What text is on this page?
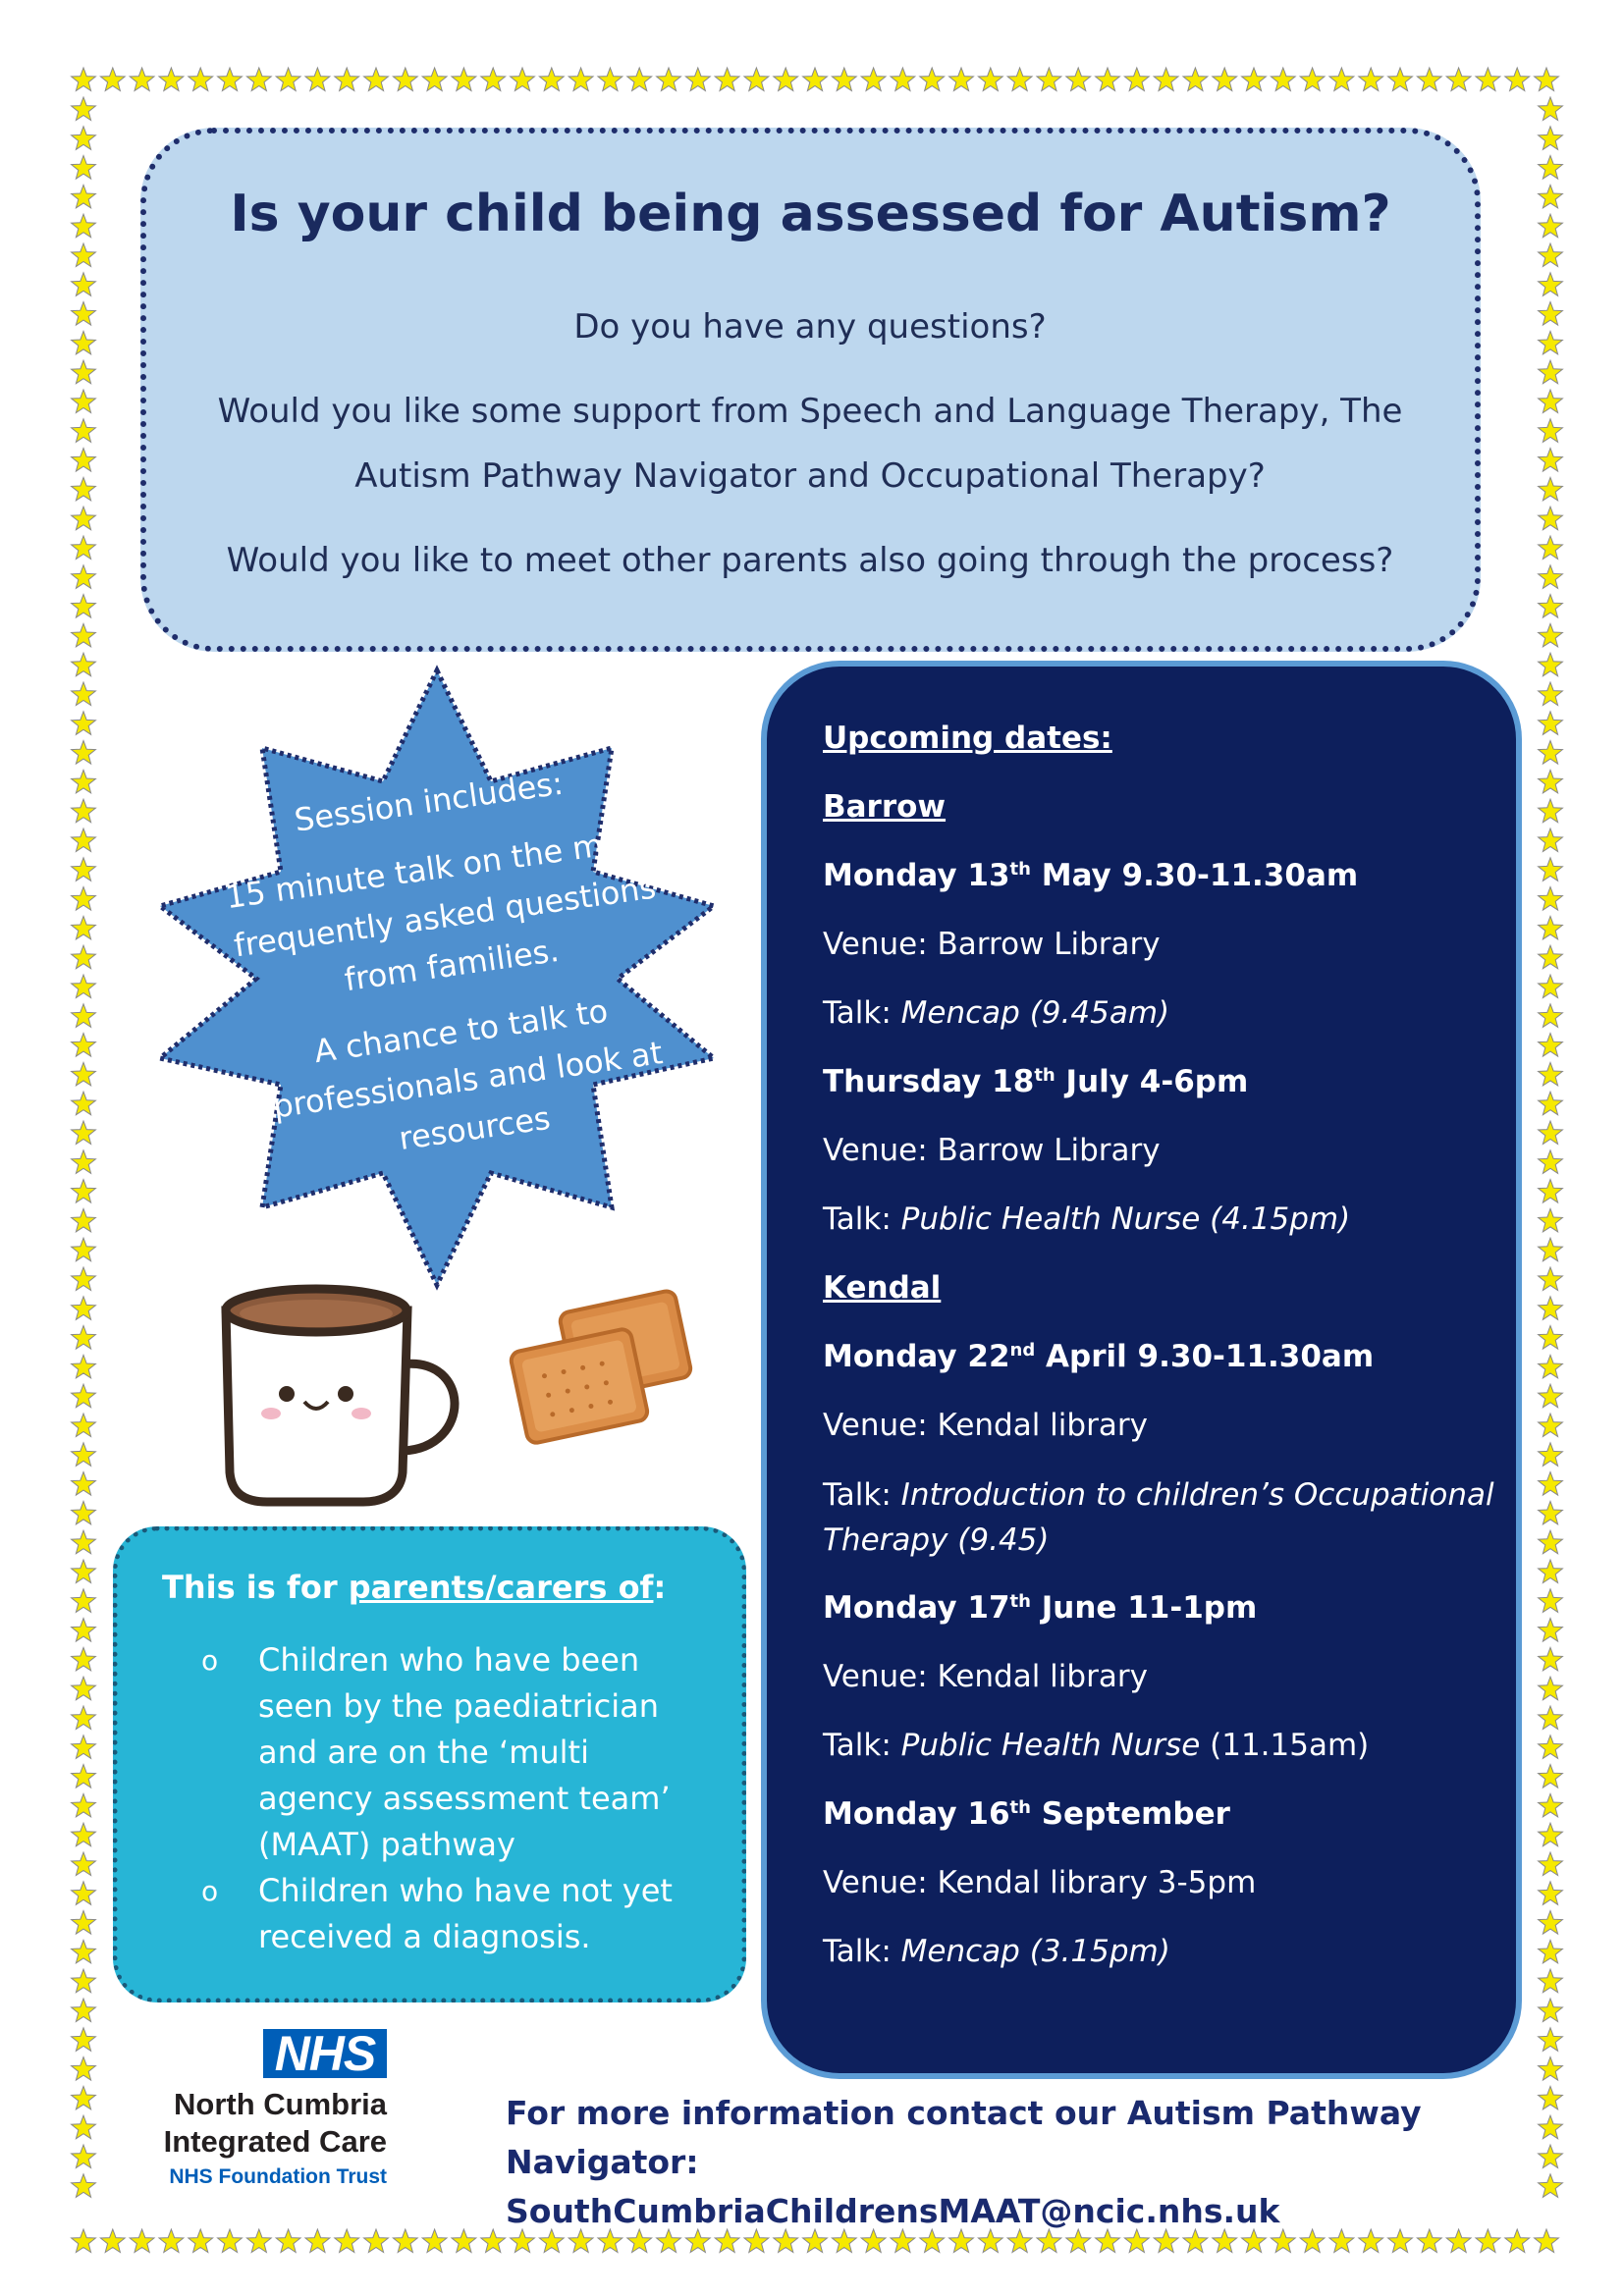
Is your child being assessed for Autism?
Do you have any questions?
Would you like some support from Speech and Language Therapy, The
Autism Pathway Navigator and Occupational Therapy?
Would you like to meet other parents also going through the process?
Session includes:
15 minute talk on the most frequently asked questions from families.
A chance to talk to professionals and look at resources
Upcoming dates:
Barrow
Monday 13th May 9.30-11.30am
Venue: Barrow Library
Talk: Mencap (9.45am)
Thursday 18th July 4-6pm
Venue: Barrow Library
Talk: Public Health Nurse (4.15pm)
Kendal
Monday 22nd April 9.30-11.30am
Venue: Kendal library
Talk: Introduction to children’s Occupational Therapy (9.45)
Monday 17th June 11-1pm
Venue: Kendal library
Talk: Public Health Nurse (11.15am)
Monday 16th September
Venue: Kendal library 3-5pm
Talk: Mencap (3.15pm)
This is for parents/carers of:
o Children who have been seen by the paediatrician and are on the ‘multi agency assessment team’ (MAAT) pathway
o Children who have not yet received a diagnosis.
NHS
North Cumbria
Integrated Care
NHS Foundation Trust
For more information contact our Autism Pathway
Navigator: SouthCumbriaChildrensMAAT@ncic.nhs.uk
